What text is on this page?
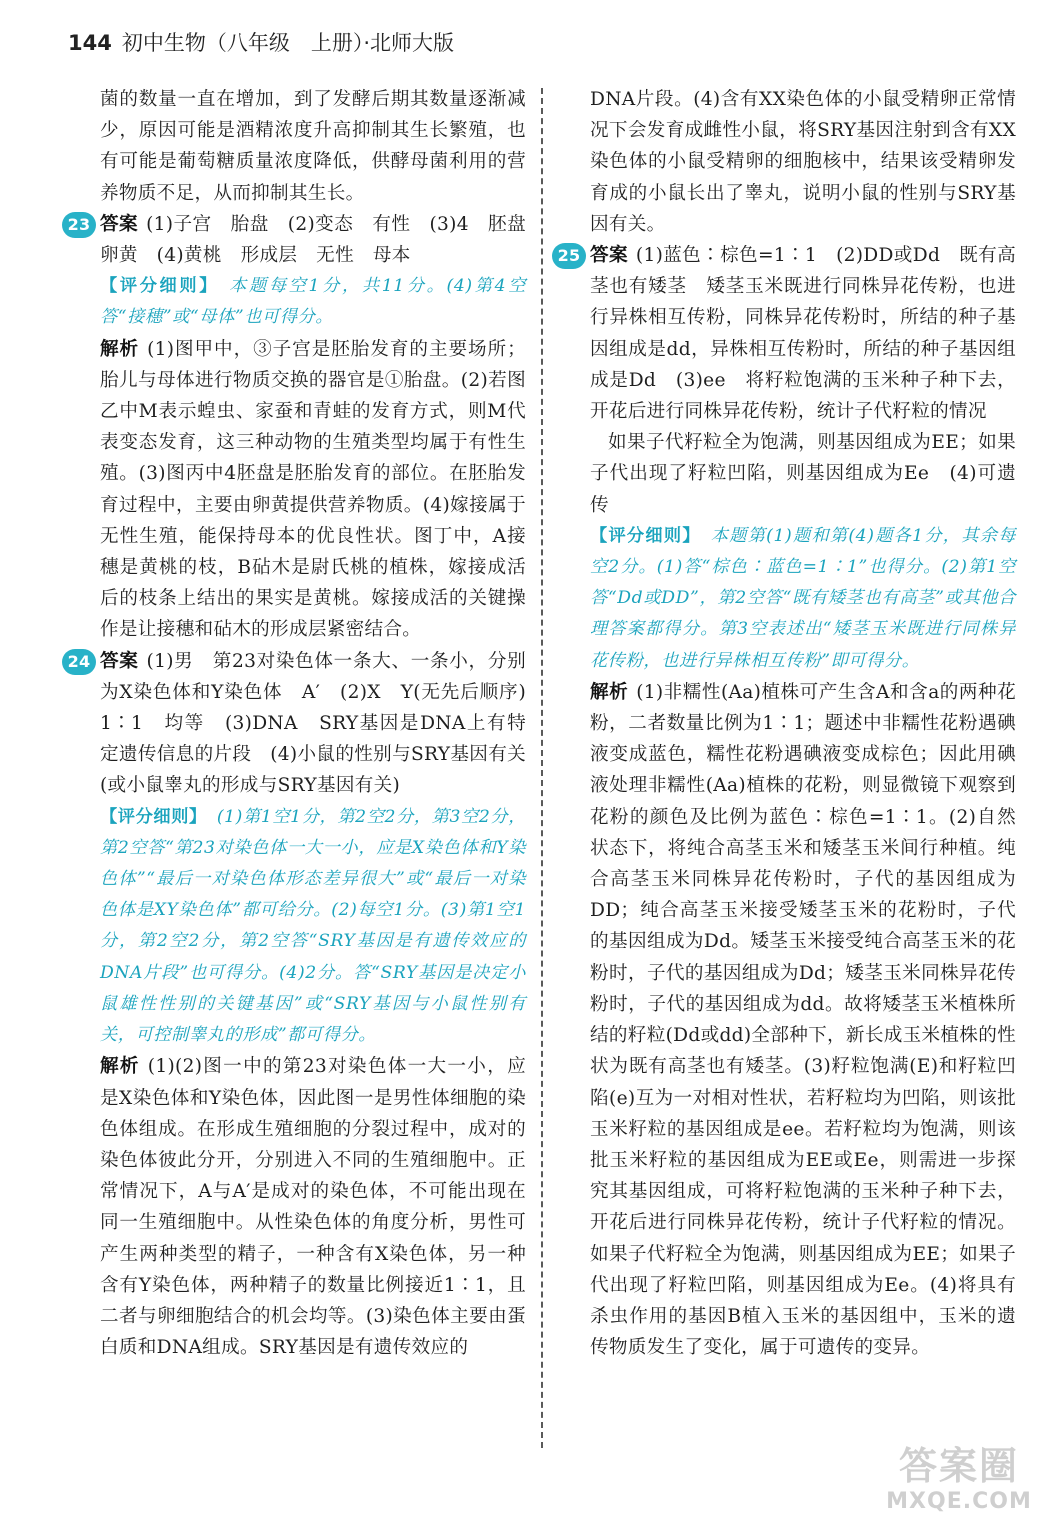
144 初中生物（八年级　上册）·北师大版

菌的数量一直在增加，到了发酵后期其数量逐渐减少，原因可能是酒精浓度升高抑制其生长繁殖，也有可能是葡萄糖质量浓度降低，供酵母菌利用的营养物质不足，从而抑制其生长。

23 答案 (1)子宫　胎盘　(2)变态　有性　(3)4　胚盘　卵黄　(4)黄桃　形成层　无性　母本

【评分细则】 本题每空1分，共11分。(4)第4空答“接穗”或“母体”也可得分。

解析 (1)图甲中，③子宫是胚胎发育的主要场所；胎儿与母体进行物质交换的器官是①胎盘。(2)若图乙中M表示蝗虫、家蚕和青蛙的发育方式，则M代表变态发育，这三种动物的生殖类型均属于有性生殖。(3)图丙中4胚盘是胚胎发育的部位。在胚胎发育过程中，主要由卵黄提供营养物质。(4)嫁接属于无性生殖，能保持母本的优良性状。图丁中，A接穗是黄桃的枝，B砧木是尉氏桃的植株，嫁接成活后的枝条上结出的果实是黄桃。嫁接成活的关键操作是让接穗和砧木的形成层紧密结合。

24 答案 (1)男　第23对染色体一条大、一条小，分别为X染色体和Y染色体　A′　(2)X　Y(无先后顺序)　1∶1　均等　(3)DNA　SRY基因是DNA上有特定遗传信息的片段　(4)小鼠的性别与SRY基因有关(或小鼠睾丸的形成与SRY基因有关)

【评分细则】 (1)第1空1分，第2空2分，第3空2分，第2空答“第23对染色体一大一小，应是X染色体和Y染色体”“最后一对染色体形态差异很大”或“最后一对染色体是XY染色体”都可给分。(2)每空1分。(3)第1空1分，第2空2分，第2空答“SRY基因是有遗传效应的DNA片段”也可得分。(4)2分。答“SRY基因是决定小鼠雄性性别的关键基因”或“SRY基因与小鼠性别有关，可控制睾丸的形成”都可得分。

解析 (1)(2)图一中的第23对染色体一大一小，应是X染色体和Y染色体，因此图一是男性体细胞的染色体组成。在形成生殖细胞的分裂过程中，成对的染色体彼此分开，分别进入不同的生殖细胞中。正常情况下，A与A′是成对的染色体，不可能出现在同一生殖细胞中。从性染色体的角度分析，男性可产生两种类型的精子，一种含有X染色体，另一种含有Y染色体，两种精子的数量比例接近1∶1，且二者与卵细胞结合的机会均等。(3)染色体主要由蛋白质和DNA组成。SRY基因是有遗传效应的

DNA片段。(4)含有XX染色体的小鼠受精卵正常情况下会发育成雌性小鼠，将SRY基因注射到含有XX染色体的小鼠受精卵的细胞核中，结果该受精卵发育成的小鼠长出了睾丸，说明小鼠的性别与SRY基因有关。

25 答案 (1)蓝色∶棕色=1∶1　(2)DD或Dd　既有高茎也有矮茎　矮茎玉米既进行同株异花传粉，也进行异株相互传粉，同株异花传粉时，所结的种子基因组成是dd，异株相互传粉时，所结的种子基因组成是Dd　(3)ee　将籽粒饱满的玉米种子种下去，开花后进行同株异花传粉，统计子代籽粒的情况

如果子代籽粒全为饱满，则基因组成为EE；如果子代出现了籽粒凹陷，则基因组成为Ee　(4)可遗传

【评分细则】 本题第(1)题和第(4)题各1分，其余每空2分。(1)答“棕色∶蓝色=1∶1”也得分。(2)第1空答“Dd或DD”，第2空答“既有矮茎也有高茎”或其他合理答案都得分。第3空表述出“矮茎玉米既进行同株异花传粉，也进行异株相互传粉”即可得分。

解析 (1)非糯性(Aa)植株可产生含A和含a的两种花粉，二者数量比例为1∶1；题述中非糯性花粉遇碘液变成蓝色，糯性花粉遇碘液变成棕色；因此用碘液处理非糯性(Aa)植株的花粉，则显微镜下观察到花粉的颜色及比例为蓝色∶棕色=1∶1。(2)自然状态下，将纯合高茎玉米和矮茎玉米间行种植。纯合高茎玉米同株异花传粉时，子代的基因组成为DD；纯合高茎玉米接受矮茎玉米的花粉时，子代的基因组成为Dd。矮茎玉米接受纯合高茎玉米的花粉时，子代的基因组成为Dd；矮茎玉米同株异花传粉时，子代的基因组成为dd。故将矮茎玉米植株所结的籽粒(Dd或dd)全部种下，新长成玉米植株的性状为既有高茎也有矮茎。(3)籽粒饱满(E)和籽粒凹陷(e)互为一对相对性状，若籽粒均为凹陷，则该批玉米籽粒的基因组成是ee。若籽粒均为饱满，则该批玉米籽粒的基因组成为EE或Ee，则需进一步探究其基因组成，可将籽粒饱满的玉米种子种下去，开花后进行同株异花传粉，统计子代籽粒的情况。如果子代籽粒全为饱满，则基因组成为EE；如果子代出现了籽粒凹陷，则基因组成为Ee。(4)将具有杀虫作用的基因B植入玉米的基因组中，玉米的遗传物质发生了变化，属于可遗传的变异。

答案圈
MXQE.COM
